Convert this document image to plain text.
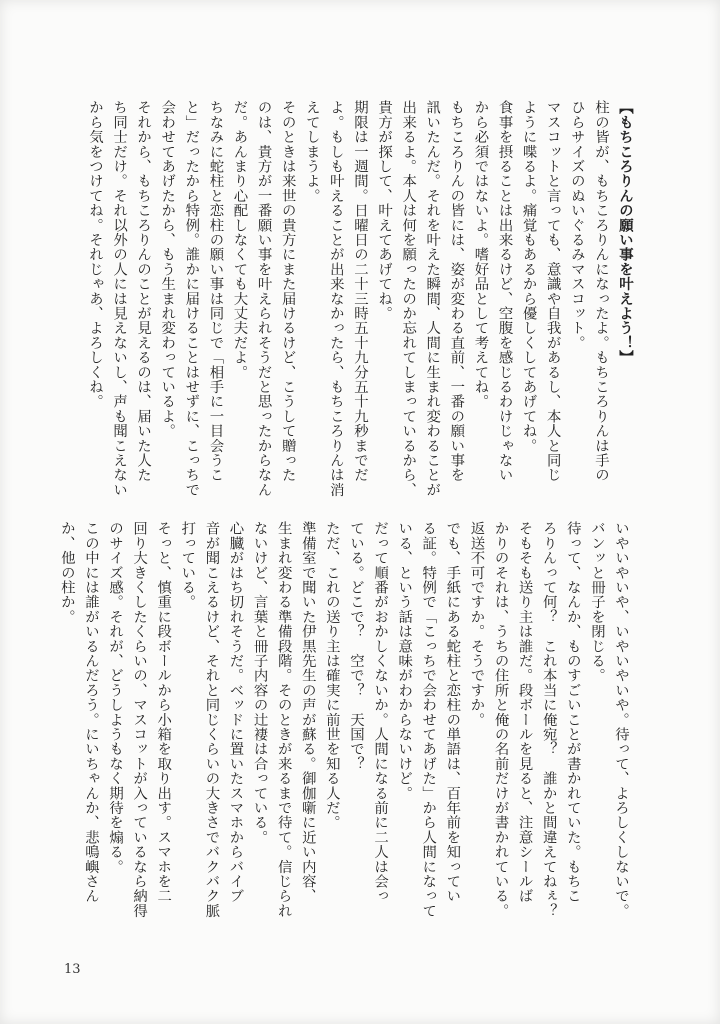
【もちころりんの願い事を叶えよう！】

柱の皆が、もちころりんになったよ。もちころりんは手の

ひらサイズのぬいぐるみマスコット。

マスコットと言っても、意識や自我があるし、本人と同じ

ように喋るよ。痛覚もあるから優しくしてあげてね。

食事を摂ることは出来るけど、空腹を感じるわけじゃない

から必須ではないよ。嗜好品として考えてね。

もちころりんの皆には、姿が変わる直前、一番の願い事を

訊いたんだ。それを叶えた瞬間、人間に生まれ変わることが

出来るよ。本人は何を願ったのか忘れてしまっているから、

貴方が探して、叶えてあげてね。

期限は一週間。日曜日の二十三時五十九分五十九秒までだ

よ。もしも叶えることが出来なかったら、もちころりんは消

えてしまうよ。

そのときは来世の貴方にまた届けるけど、こうして贈った

のは、貴方が一番願い事を叶えられそうだと思ったからなん

だ。あんまり心配しなくても大丈夫だよ。

ちなみに蛇柱と恋柱の願い事は同じで「相手に一目会うこ

と」だったから特例。誰かに届けることはせずに、こっちで

会わせてあげたから、もう生まれ変わっているよ。

それから、もちころりんのことが見えるのは、届いた人た

ち同士だけ。それ以外の人には見えないし、声も聞こえない

から気をつけてね。それじゃあ、よろしくね。

いやいやいや、いやいやいや。待って、よろしくしないで。

バンッと冊子を閉じる。

待って、なんか、ものすごいことが書かれていた。もちこ

ろりんって何？　これ本当に俺宛？　誰かと間違えてねぇ？

そもそも送り主は誰だ。段ボールを見ると、注意シールば

かりのそれは、うちの住所と俺の名前だけが書かれている。

返送不可ですか。そうですか。

でも、手紙にある蛇柱と恋柱の単語は、百年前を知ってい

る証。特例で「こっちで会わせてあげた」から人間になって

いる、という話は意味がわからないけど。

だって順番がおかしくないか。人間になる前に二人は会っ

ている。どこで？　空で？　天国で？

ただ、これの送り主は確実に前世を知る人だ。

準備室で聞いた伊黒先生の声が蘇る。御伽噺に近い内容、

生まれ変わる準備段階。そのときが来るまで待て。信じられ

ないけど、言葉と冊子内容の辻褄は合っている。

心臓がはち切れそうだ。ベッドに置いたスマホからバイブ

音が聞こえるけど、それと同じくらいの大きさでバクバク脈

打っている。

そっと、慎重に段ボールから小箱を取り出す。スマホを二

回り大きくしたくらいの、マスコットが入っているなら納得

のサイズ感。それが、どうしようもなく期待を煽る。

この中には誰がいるんだろう。にいちゃんか、悲鳴嶼さん

か、他の柱か。

13
